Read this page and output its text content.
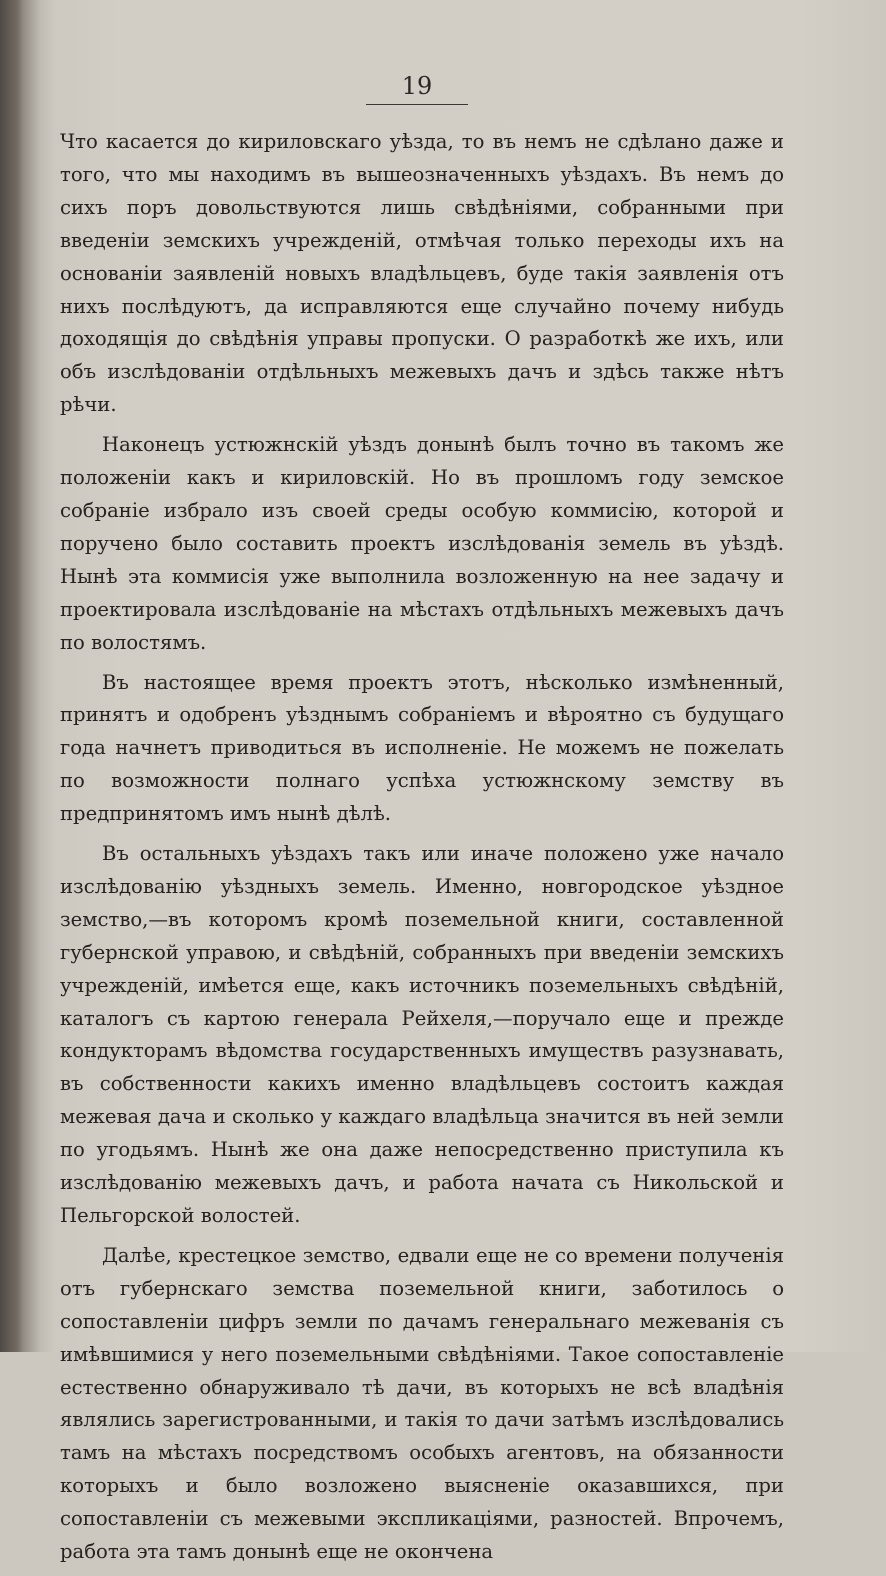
19

Что касается до кириловскаго уѣзда, то въ немъ не сдѣлано даже и того, что мы находимъ въ вышеозначенныхъ уѣздахъ. Въ немъ до сихъ поръ довольствуются лишь свѣдѣніями, собранными при введеніи земскихъ учрежденій, отмѣчая только переходы ихъ на основаніи заявленій новыхъ владѣльцевъ, буде такія заявленія отъ нихъ послѣдуютъ, да исправляются еще случайно почему нибудь доходящія до свѣдѣнія управы пропуски. О разработкѣ же ихъ, или объ изслѣдованіи отдѣльныхъ межевыхъ дачъ и здѣсь также нѣтъ рѣчи.

Наконецъ устюжнскій уѣздъ донынѣ былъ точно въ такомъ же положеніи какъ и кириловскій. Но въ прошломъ году земское собраніе избрало изъ своей среды особую коммисію, которой и поручено было составить проектъ изслѣдованія земель въ уѣздѣ. Нынѣ эта коммисія уже выполнила возложенную на нее задачу и проектировала изслѣдованіе на мѣстахъ отдѣльныхъ межевыхъ дачъ по волостямъ.

Въ настоящее время проектъ этотъ, нѣсколько измѣненный, принятъ и одобренъ уѣзднымъ собраніемъ и вѣроятно съ будущаго года начнетъ приводиться въ исполненіе. Не можемъ не пожелать по возможности полнаго успѣха устюжнскому земству въ предпринятомъ имъ нынѣ дѣлѣ.

Въ остальныхъ уѣздахъ такъ или иначе положено уже начало изслѣдованію уѣздныхъ земель. Именно, новгородское уѣздное земство,—въ которомъ кромѣ поземельной книги, составленной губернской управою, и свѣдѣній, собранныхъ при введеніи земскихъ учрежденій, имѣется еще, какъ источникъ поземельныхъ свѣдѣній, каталогъ съ картою генерала Рейхеля,—поручало еще и прежде кондукторамъ вѣдомства государственныхъ имуществъ разузнавать, въ собственности какихъ именно владѣльцевъ состоитъ каждая межевая дача и сколько у каждаго владѣльца значится въ ней земли по угодьямъ. Нынѣ же она даже непосредственно приступила къ изслѣдованію межевыхъ дачъ, и работа начата съ Никольской и Пельгорской волостей.

Далѣе, крестецкое земство, едвали еще не со времени полученія отъ губернскаго земства поземельной книги, заботилось о сопоставленіи цифръ земли по дачамъ генеральнаго межеванія съ имѣвшимися у него поземельными свѣдѣніями. Такое сопоставленіе естественно обнаруживало тѣ дачи, въ которыхъ не всѣ владѣнія являлись зарегистрованными, и такія то дачи затѣмъ изслѣдовались тамъ на мѣстахъ посредствомъ особыхъ агентовъ, на обязанности которыхъ и было возложено выясненіе оказавшихся, при сопоставленіи съ межевыми экспликаціями, разностей. Впрочемъ, работа эта тамъ донынѣ еще не окончена
